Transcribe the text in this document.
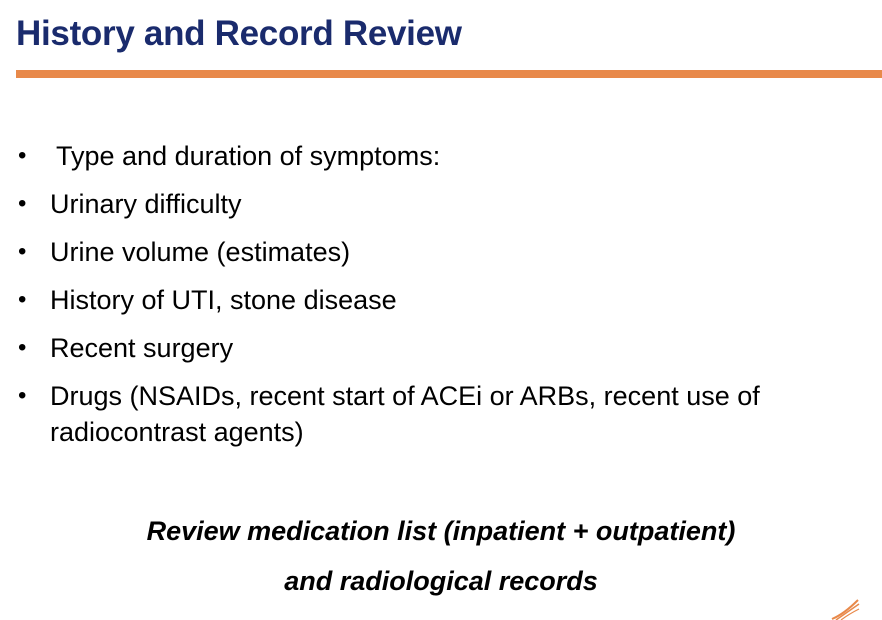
History and Record Review
• Type and duration of symptoms:
• Urinary difficulty
• Urine volume (estimates)
• History of UTI, stone disease
• Recent surgery
• Drugs (NSAIDs, recent start of ACEi or ARBs, recent use of radiocontrast agents)
Review medication list (inpatient + outpatient)
and radiological records
